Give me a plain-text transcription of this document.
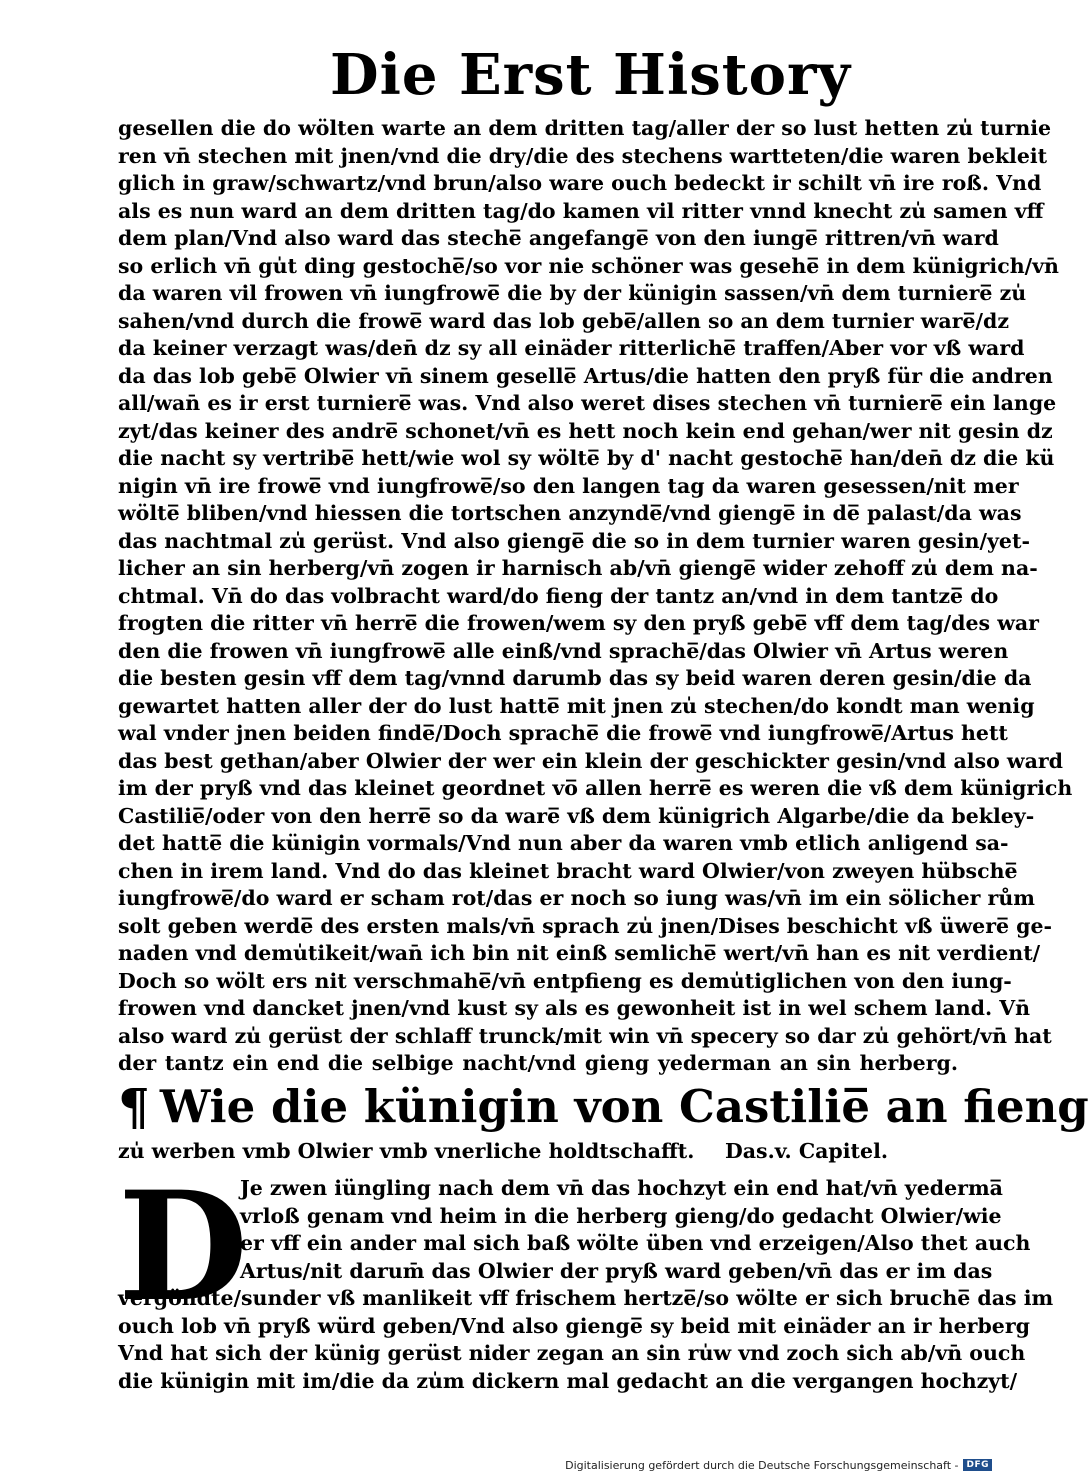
Die Erst History
gesellen die do wölten warte an dem dritten tag/aller der so lust hetten zu̍ turnie
ren vn̄ stechen mit jnen/vnd die dry/die des stechens wartteten/die waren bekleit
glich in graw/schwartz/vnd brun/also ware ouch bedeckt ir schilt vn̄ ire roß. Vnd
als es nun ward an dem dritten tag/do kamen vil ritter vnnd knecht zu̍ samen vff
dem plan/Vnd also ward das steche̅ angefange̅ von den iunge̅ rittren/vn̄ ward
so erlich vn̄ gu̍t ding gestoche̅/so vor nie schöner was gesehe̅ in dem künigrich/vn̄
da waren vil frowen vn̄ iungfrowe̅ die by der künigin sassen/vn̄ dem turniere̅ zu̍
sahen/vnd durch die frowe̅ ward das lob gebe̅/allen so an dem turnier ware̅/dz
da keiner verzagt was/den̄ dz sy all einäder ritterliche̅ traffen/Aber vor vß ward
da das lob gebe̅ Olwier vn̄ sinem geselle̅ Artus/die hatten den pryß für die andren
all/wan̄ es ir erst turniere̅ was. Vnd also weret dises stechen vn̄ turniere̅ ein lange
zyt/das keiner des andre̅ schonet/vn̄ es hett noch kein end gehan/wer nit gesin dz
die nacht sy vertribe̅ hett/wie wol sy wölte̅ by d' nacht gestoche̅ han/den̄ dz die kü
nigin vn̄ ire frowe̅ vnd iungfrowe̅/so den langen tag da waren gesessen/nit mer
wölte̅ bliben/vnd hiessen die tortschen anzynde̅/vnd gienge̅ in de̅ palast/da was
das nachtmal zu̍ gerüst. Vnd also gienge̅ die so in dem turnier waren gesin/yet-
licher an sin herberg/vn̄ zogen ir harnisch ab/vn̄ gienge̅ wider zehoff zu̍ dem na-
chtmal. Vn̄ do das volbracht ward/do fieng der tantz an/vnd in dem tantze̅ do
frogten die ritter vn̄ herre̅ die frowen/wem sy den pryß gebe̅ vff dem tag/des war
den die frowen vn̄ iungfrowe̅ alle einß/vnd sprache̅/das Olwier vn̄ Artus weren
die besten gesin vff dem tag/vnnd darumb das sy beid waren deren gesin/die da
gewartet hatten aller der do lust hatte̅ mit jnen zu̍ stechen/do kondt man wenig
wal vnder jnen beiden finde̅/Doch sprache̅ die frowe̅ vnd iungfrowe̅/Artus hett
das best gethan/aber Olwier der wer ein klein der geschickter gesin/vnd also ward
im der pryß vnd das kleinet geordnet vo̅ allen herre̅ es weren die vß dem künigrich
Castilie̅/oder von den herre̅ so da ware̅ vß dem künigrich Algarbe/die da bekley-
det hatte̅ die künigin vormals/Vnd nun aber da waren vmb etlich anligend sa-
chen in irem land. Vnd do das kleinet bracht ward Olwier/von zweyen hübsche̅
iungfrowe̅/do ward er scham rot/das er noch so iung was/vn̄ im ein sölicher rům
solt geben werde̅ des ersten mals/vn̄ sprach zu̍ jnen/Dises beschicht vß üwere̅ ge-
naden vnd demu̍tikeit/wan̄ ich bin nit einß semliche̅ wert/vn̄ han es nit verdient/
Doch so wölt ers nit verschmahe̅/vn̄ entpfieng es demu̍tiglichen von den iung-
frowen vnd dancket jnen/vnd kust sy als es gewonheit ist in wel schem land. Vn̄
also ward zu̍ gerüst der schlaff trunck/mit win vn̄ specery so dar zu̍ gehört/vn̄ hat
der tantz ein end die selbige nacht/vnd gieng yederman an sin herberg.
¶ Wie die künigin von Castilie̅ an fieng
zu̍ werben vmb Olwier vmb vnerliche holdtschafft. Das.v. Capitel.
D
Je zwen iüngling nach dem vn̄ das hochzyt ein end hat/vn̄ yederma̅
vrloß genam vnd heim in die herberg gieng/do gedacht Olwier/wie
er vff ein ander mal sich baß wölte üben vnd erzeigen/Also thet auch
Artus/nit darum̄ das Olwier der pryß ward geben/vn̄ das er im das
vergöndte/sunder vß manlikeit vff frischem hertze̅/so wölte er sich bruche̅ das im
ouch lob vn̄ pryß würd geben/Vnd also gienge̅ sy beid mit einäder an ir herberg
Vnd hat sich der künig gerüst nider zegan an sin ru̍w vnd zoch sich ab/vn̄ ouch
die künigin mit im/die da zu̍m dickern mal gedacht an die vergangen hochzyt/
Digitalisierung gefördert durch die Deutsche Forschungsgemeinschaft - DFG
